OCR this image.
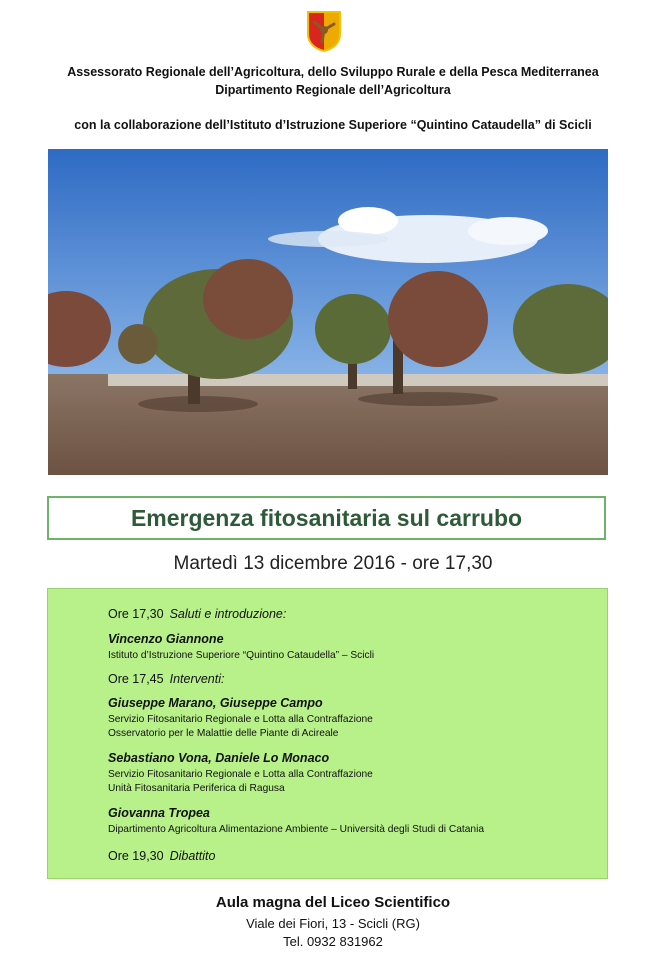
Assessorato Regionale dell’Agricoltura, dello Sviluppo Rurale e della Pesca Mediterranea
Dipartimento Regionale dell’Agricoltura
con la collaborazione dell’Istituto d’Istruzione Superiore “Quintino Cataudella” di Scicli
Emergenza fitosanitaria sul carrubo
Martedì 13 dicembre 2016 - ore 17,30
Ore 17,30 Saluti e introduzione:
Vincenzo Giannone
Istituto d’Istruzione Superiore “Quintino Cataudella” – Scicli
Ore 17,45 Interventi:
Giuseppe Marano, Giuseppe Campo
Servizio Fitosanitario Regionale e Lotta alla Contraffazione
Osservatorio per le Malattie delle Piante di Acireale
Sebastiano Vona, Daniele Lo Monaco
Servizio Fitosanitario Regionale e Lotta alla Contraffazione
Unità Fitosanitaria Periferica di Ragusa
Giovanna Tropea
Dipartimento Agricoltura Alimentazione Ambiente – Università degli Studi di Catania
Ore 19,30 Dibattito
Aula magna del Liceo Scientifico
Viale dei Fiori, 13 - Scicli (RG)
Tel. 0932 831962
